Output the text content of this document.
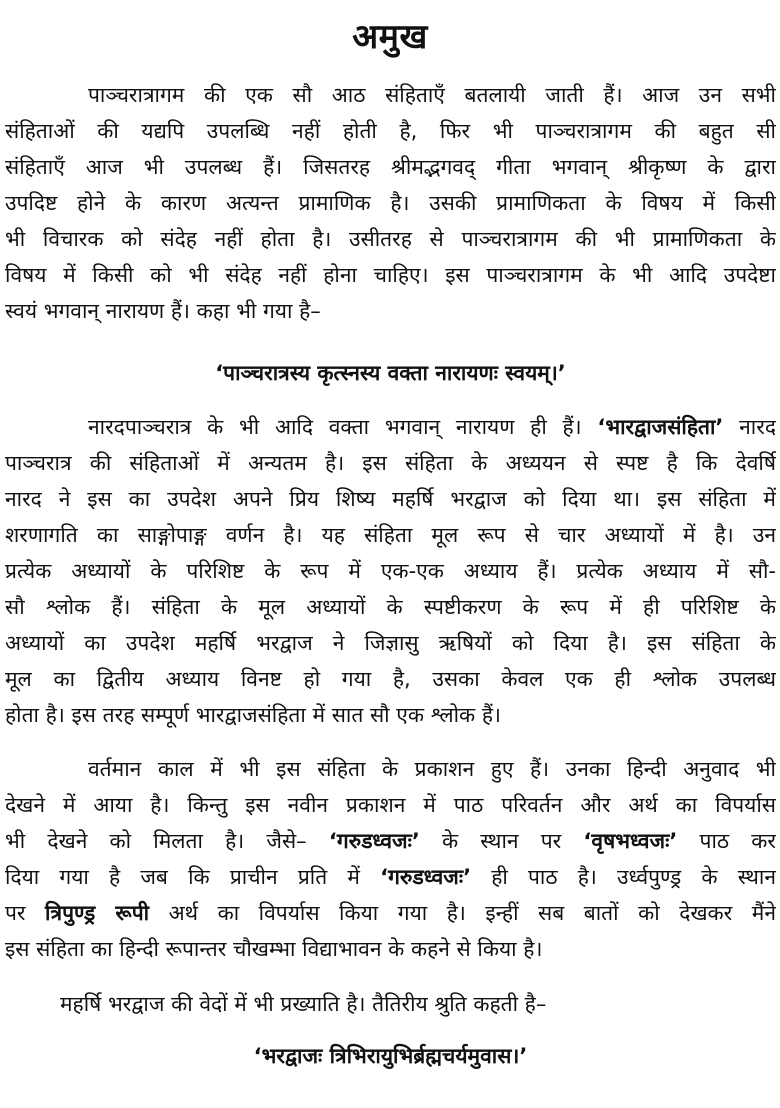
अमुख
पाञ्चरात्रागम की एक सौ आठ संहिताएँ बतलायी जाती हैं। आज उन सभी
संहिताओं की यद्यपि उपलब्धि नहीं होती है, फिर भी पाञ्चरात्रागम की बहुत सी
संहिताएँ आज भी उपलब्ध हैं। जिसतरह श्रीमद्भगवद् गीता भगवान् श्रीकृष्ण के द्वारा
उपदिष्ट होने के कारण अत्यन्त प्रामाणिक है। उसकी प्रामाणिकता के विषय में किसी
भी विचारक को संदेह नहीं होता है। उसीतरह से पाञ्चरात्रागम की भी प्रामाणिकता के
विषय में किसी को भी संदेह नहीं होना चाहिए। इस पाञ्चरात्रागम के भी आदि उपदेष्टा
स्वयं भगवान् नारायण हैं। कहा भी गया है–
‘पाञ्चरात्रस्य कृत्स्नस्य वक्ता नारायणः स्वयम्।’
नारदपाञ्चरात्र के भी आदि वक्ता भगवान् नारायण ही हैं। ‘भारद्वाजसंहिता’ नारद
पाञ्चरात्र की संहिताओं में अन्यतम है। इस संहिता के अध्ययन से स्पष्ट है कि देवर्षि
नारद ने इस का उपदेश अपने प्रिय शिष्य महर्षि भरद्वाज को दिया था। इस संहिता में
शरणागति का साङ्गोपाङ्ग वर्णन है। यह संहिता मूल रूप से चार अध्यायों में है। उन
प्रत्येक अध्यायों के परिशिष्ट के रूप में एक-एक अध्याय हैं। प्रत्येक अध्याय में सौ-
सौ श्लोक हैं। संहिता के मूल अध्यायों के स्पष्टीकरण के रूप में ही परिशिष्ट के
अध्यायों का उपदेश महर्षि भरद्वाज ने जिज्ञासु ऋषियों को दिया है। इस संहिता के
मूल का द्वितीय अध्याय विनष्ट हो गया है, उसका केवल एक ही श्लोक उपलब्ध
होता है। इस तरह सम्पूर्ण भारद्वाजसंहिता में सात सौ एक श्लोक हैं।
वर्तमान काल में भी इस संहिता के प्रकाशन हुए हैं। उनका हिन्दी अनुवाद भी
देखने में आया है। किन्तु इस नवीन प्रकाशन में पाठ परिवर्तन और अर्थ का विपर्यास
भी देखने को मिलता है। जैसे– ‘गरुडध्वजः’ के स्थान पर ‘वृषभध्वजः’ पाठ कर
दिया गया है जब कि प्राचीन प्रति में ‘गरुडध्वजः’ ही पाठ है। उर्ध्वपुण्ड्र के स्थान
पर त्रिपुण्ड्र रूपी अर्थ का विपर्यास किया गया है। इन्हीं सब बातों को देखकर मैंने
इस संहिता का हिन्दी रूपान्तर चौखम्भा विद्याभावन के कहने से किया है।
महर्षि भरद्वाज की वेदों में भी प्रख्याति है। तैतिरीय श्रुति कहती है–
‘भरद्वाजः त्रिभिरायुभिर्ब्रह्मचर्यमुवास।’
